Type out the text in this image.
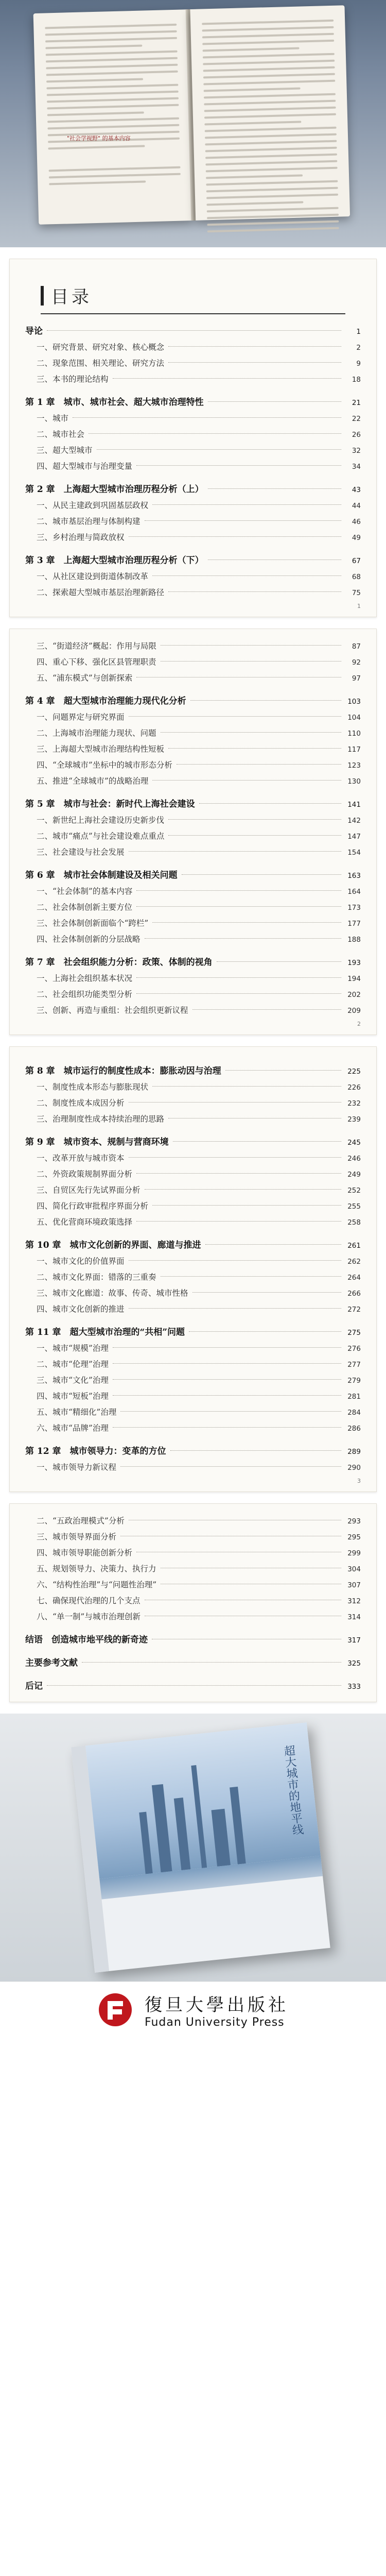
"社会学视野" 的基本内容
目录
导论	1
一、研究背景、研究对象、核心概念	2
二、现象范围、相关理论、研究方法	9
三、本书的理论结构	18
第 1 章　城市、城市社会、超大城市治理特性	21
一、城市	22
二、城市社会	26
三、超大型城市	32
四、超大型城市与治理变量	34
第 2 章　上海超大型城市治理历程分析（上）	43
一、从民主建政到巩固基层政权	44
二、城市基层治理与体制构建	46
三、乡村治理与简政放权	49
第 3 章　上海超大型城市治理历程分析（下）	67
一、从社区建设到街道体制改革	68
二、探索超大型城市基层治理新路径	75
1
三、“街道经济”概起：作用与局限	87
四、重心下移、强化区县管理职责	92
五、“浦东模式”与创新探索	97
第 4 章　超大型城市治理能力现代化分析	103
一、问题界定与研究界面	104
二、上海城市治理能力现状、问题	110
三、上海超大型城市治理结构性短板	117
四、“全球城市”坐标中的城市形态分析	123
五、推进“全球城市”的战略治理	130
第 5 章　城市与社会：新时代上海社会建设	141
一、新世纪上海社会建设历史新步伐	142
二、城市“痛点”与社会建设难点重点	147
三、社会建设与社会发展	154
第 6 章　城市社会体制建设及相关问题	163
一、“社会体制”的基本内容	164
二、社会体制创新主要方位	173
三、社会体制创新面临个“跨栏”	177
四、社会体制创新的分层战略	188
第 7 章　社会组织能力分析：政策、体制的视角	193
一、上海社会组织基本状况	194
二、社会组织功能类型分析	202
三、创新、再造与重组：社会组织更新议程	209
2
第 8 章　城市运行的制度性成本：膨胀动因与治理	225
一、制度性成本形态与膨胀现状	226
二、制度性成本成因分析	232
三、治理制度性成本持续治理的思路	239
第 9 章　城市资本、规制与营商环境	245
一、改革开放与城市资本	246
二、外资政策规制界面分析	249
三、自贸区先行先试界面分析	252
四、简化行政审批程序界面分析	255
五、优化营商环境政策选择	258
第 10 章　城市文化创新的界面、廊道与推进	261
一、城市文化的价值界面	262
二、城市文化界面：错落的三重奏	264
三、城市文化廊道：故事、传奇、城市性格	266
四、城市文化创新的推进	272
第 11 章　超大型城市治理的“共相”问题	275
一、城市“规模”治理	276
二、城市“伦理”治理	277
三、城市“文化”治理	279
四、城市“短板”治理	281
五、城市“精细化”治理	284
六、城市“品牌”治理	286
第 12 章　城市领导力：变革的方位	289
一、城市领导力新议程	290
3
二、“五政治理模式”分析	293
三、城市领导界面分析	295
四、城市领导职能创新分析	299
五、规划领导力、决策力、执行力	304
六、“结构性治理”与“问题性治理”	307
七、确保现代治理的几个支点	312
八、“单一制”与城市治理创新	314
结语　创造城市地平线的新奇迹	317
主要参考文献	325
后记	333
超大城市的地平线
復旦大學出版社
Fudan University Press
